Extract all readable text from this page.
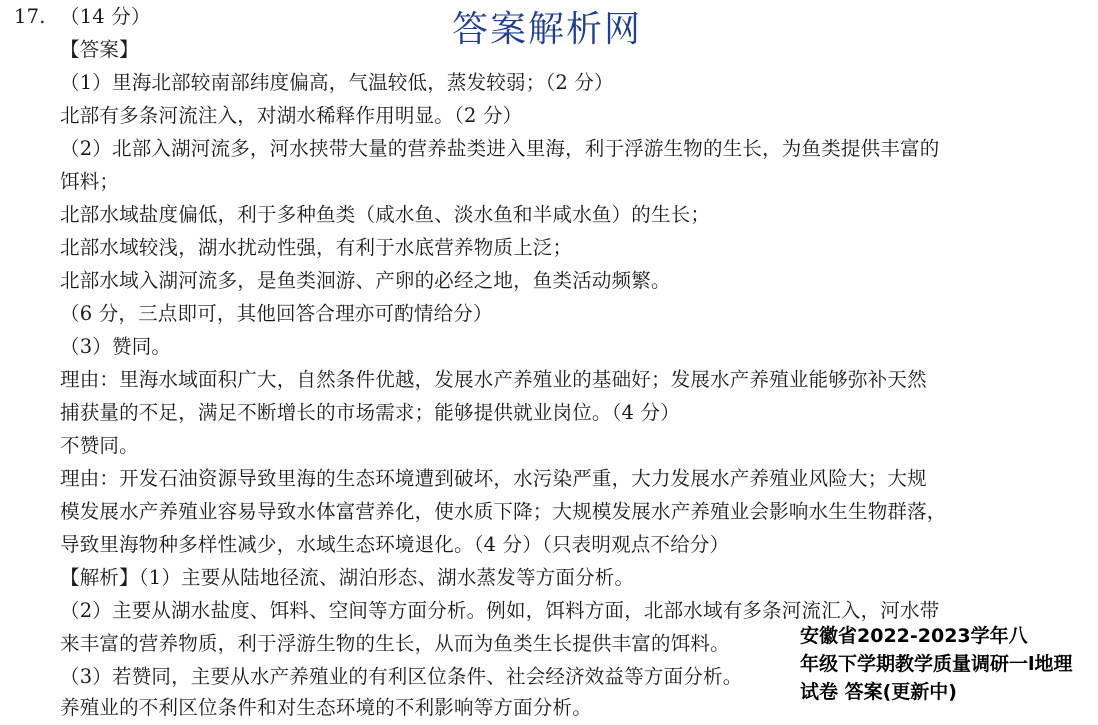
17. （14 分）	答案解析网
【答案】
（1）里海北部较南部纬度偏高，气温较低，蒸发较弱；（2 分）
北部有多条河流注入，对湖水稀释作用明显。（2 分）
（2）北部入湖河流多，河水挟带大量的营养盐类进入里海，利于浮游生物的生长，为鱼类提供丰富的
饵料；
北部水域盐度偏低，利于多种鱼类（咸水鱼、淡水鱼和半咸水鱼）的生长；
北部水域较浅，湖水扰动性强，有利于水底营养物质上泛；
北部水域入湖河流多，是鱼类洄游、产卵的必经之地，鱼类活动频繁。
（6 分，三点即可，其他回答合理亦可酌情给分）
（3）赞同。
理由：里海水域面积广大，自然条件优越，发展水产养殖业的基础好；发展水产养殖业能够弥补天然
捕获量的不足，满足不断增长的市场需求；能够提供就业岗位。（4 分）
不赞同。
理由：开发石油资源导致里海的生态环境遭到破坏，水污染严重，大力发展水产养殖业风险大；大规
模发展水产养殖业容易导致水体富营养化，使水质下降；大规模发展水产养殖业会影响水生生物群落，
导致里海物种多样性减少，水域生态环境退化。（4 分）（只表明观点不给分）
【解析】（1）主要从陆地径流、湖泊形态、湖水蒸发等方面分析。
（2）主要从湖水盐度、饵料、空间等方面分析。例如，饵料方面，北部水域有多条河流汇入，河水带
来丰富的营养物质，利于浮游生物的生长，从而为鱼类生长提供丰富的饵料。
（3）若赞同，主要从水产养殖业的有利区位条件、社会经济效益等方面分析。
养殖业的不利区位条件和对生态环境的不利影响等方面分析。
安徽省2022-2023学年八
年级下学期教学质量调研一l地理
试卷 答案(更新中)
